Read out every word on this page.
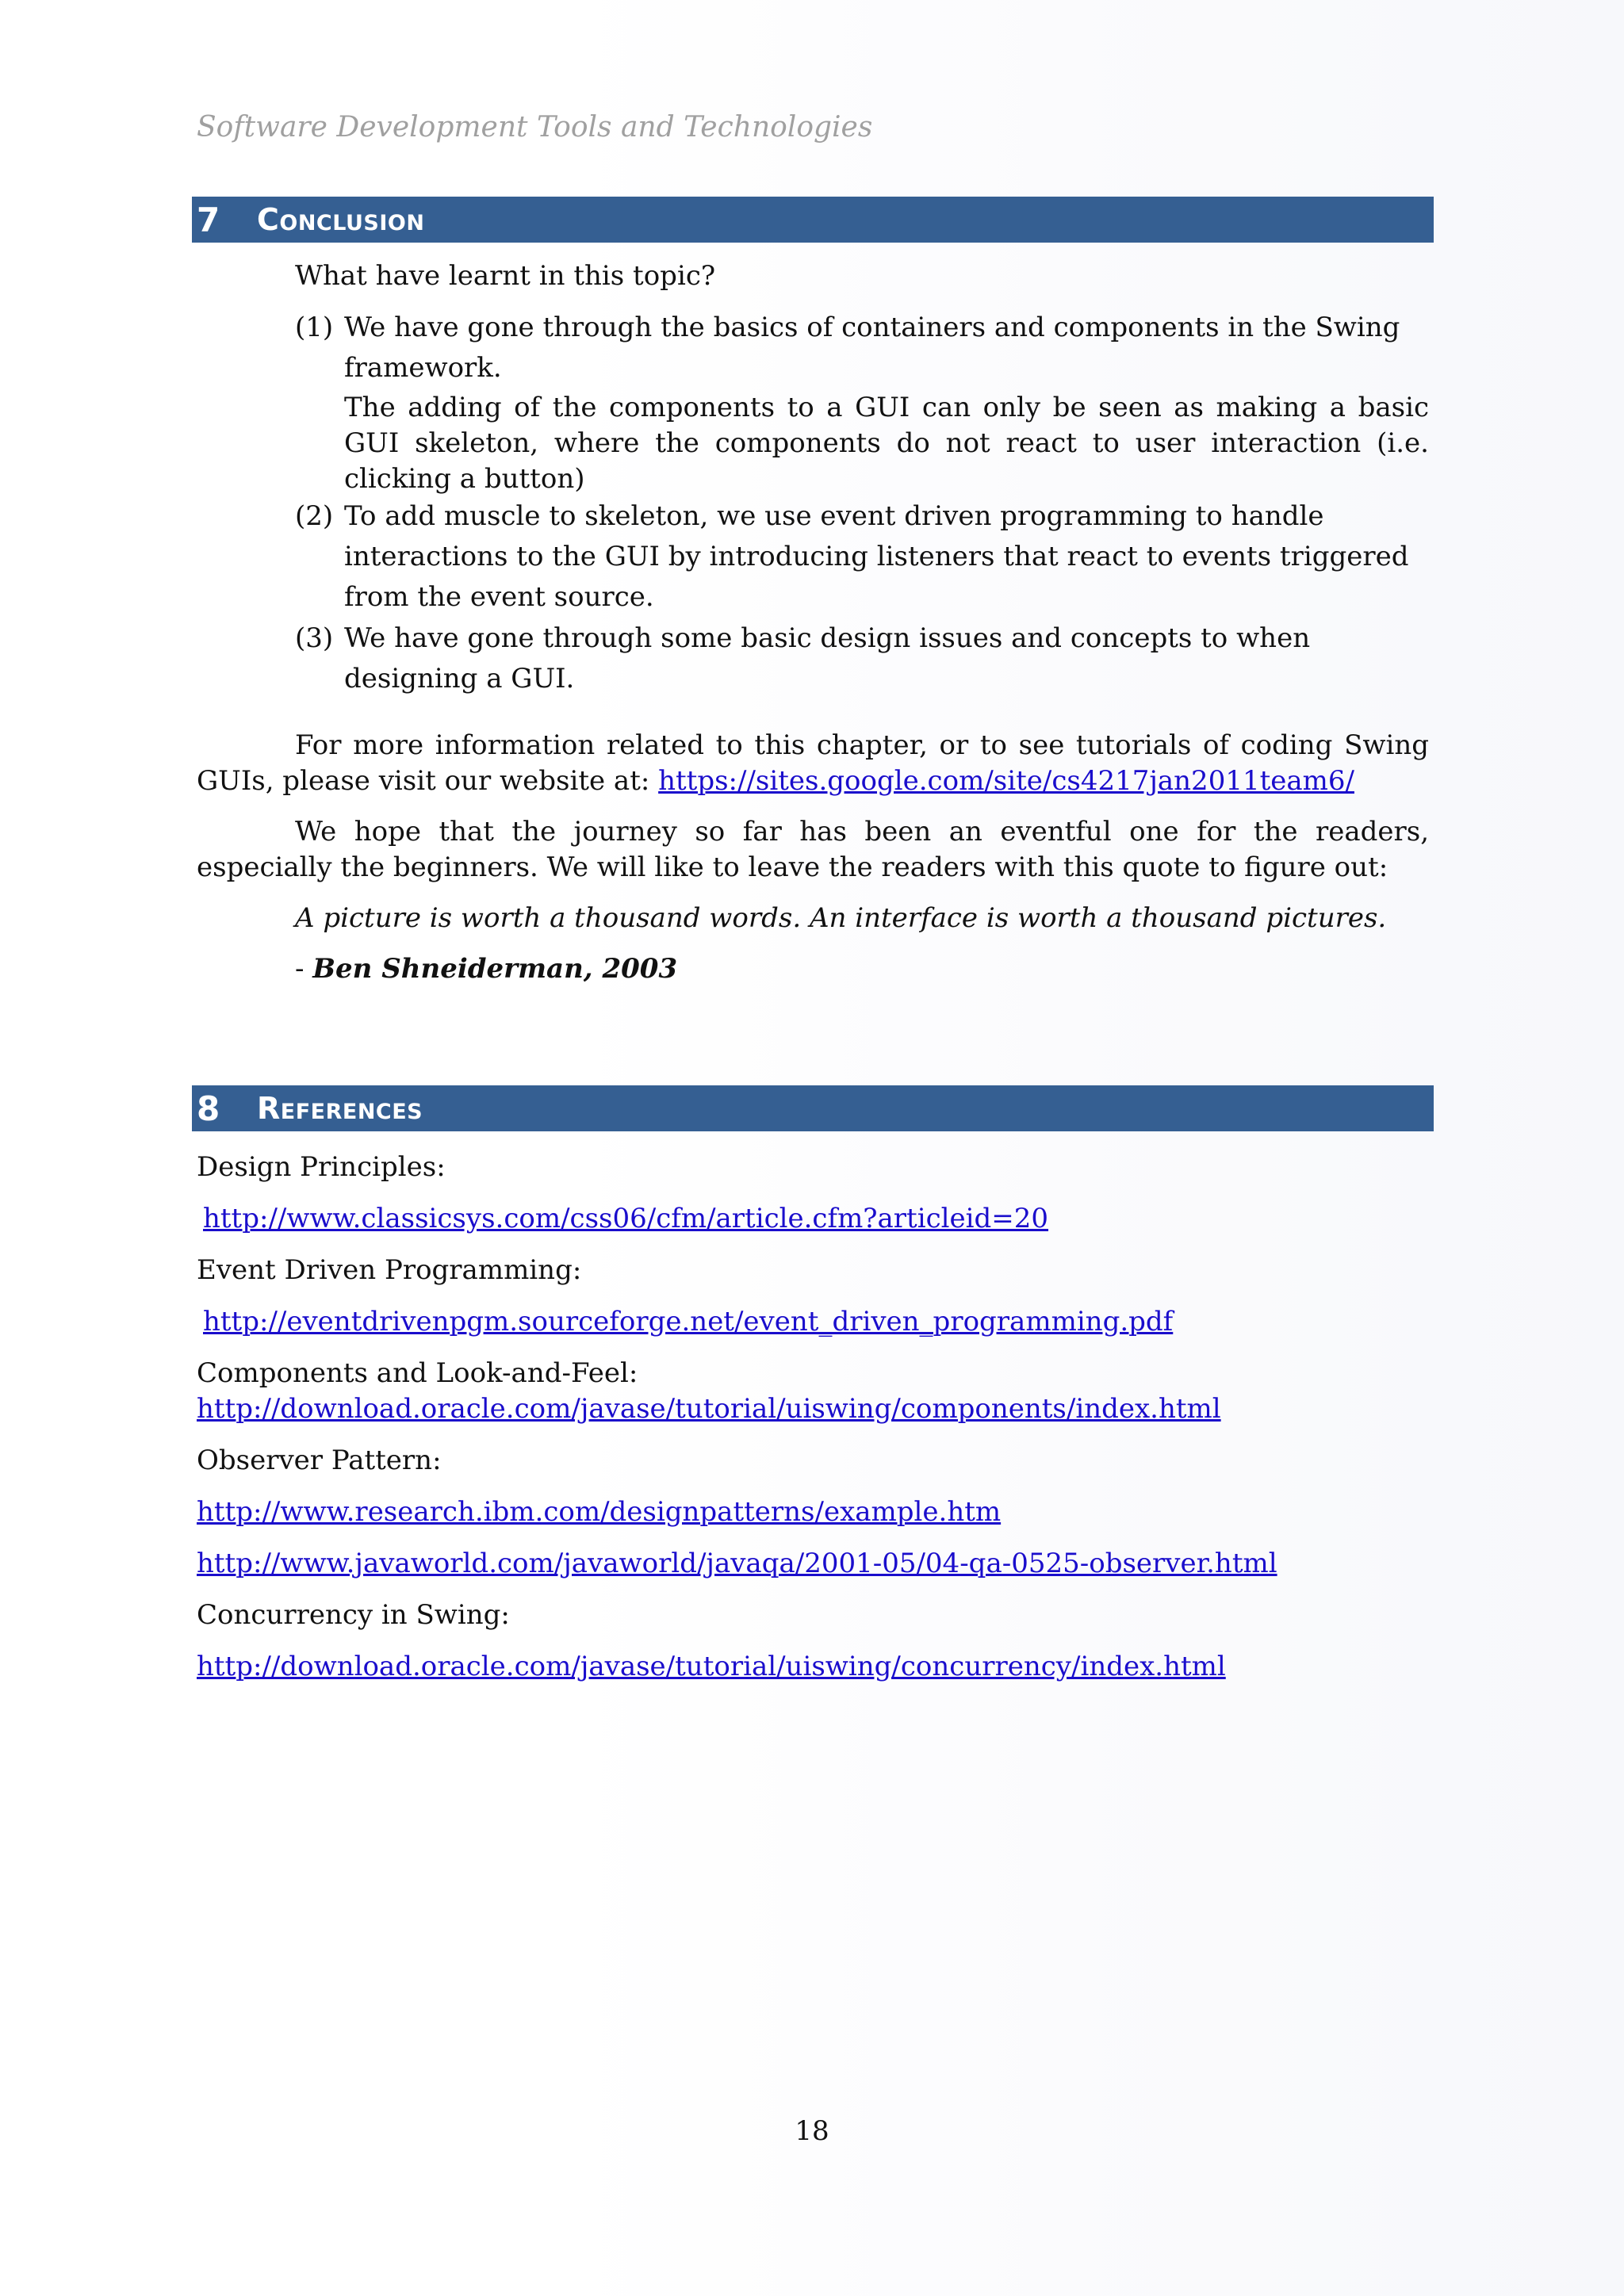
Software Development Tools and Technologies
7	Conclusion
What have learnt in this topic?
(1) We have gone through the basics of containers and components in the Swing framework.
The adding of the components to a GUI can only be seen as making a basic GUI skeleton, where the components do not react to user interaction (i.e. clicking a button)
(2) To add muscle to skeleton, we use event driven programming to handle interactions to the GUI by introducing listeners that react to events triggered from the event source.
(3) We have gone through some basic design issues and concepts to when designing a GUI.
For more information related to this chapter, or to see tutorials of coding Swing GUIs, please visit our website at: https://sites.google.com/site/cs4217jan2011team6/
We hope that the journey so far has been an eventful one for the readers, especially the beginners. We will like to leave the readers with this quote to figure out:
A picture is worth a thousand words. An interface is worth a thousand pictures.
- Ben Shneiderman, 2003
8	References
Design Principles:
http://www.classicsys.com/css06/cfm/article.cfm?articleid=20
Event Driven Programming:
http://eventdrivenpgm.sourceforge.net/event_driven_programming.pdf
Components and Look-and-Feel:
http://download.oracle.com/javase/tutorial/uiswing/components/index.html
Observer Pattern:
http://www.research.ibm.com/designpatterns/example.htm
http://www.javaworld.com/javaworld/javaqa/2001-05/04-qa-0525-observer.html
Concurrency in Swing:
http://download.oracle.com/javase/tutorial/uiswing/concurrency/index.html
18
